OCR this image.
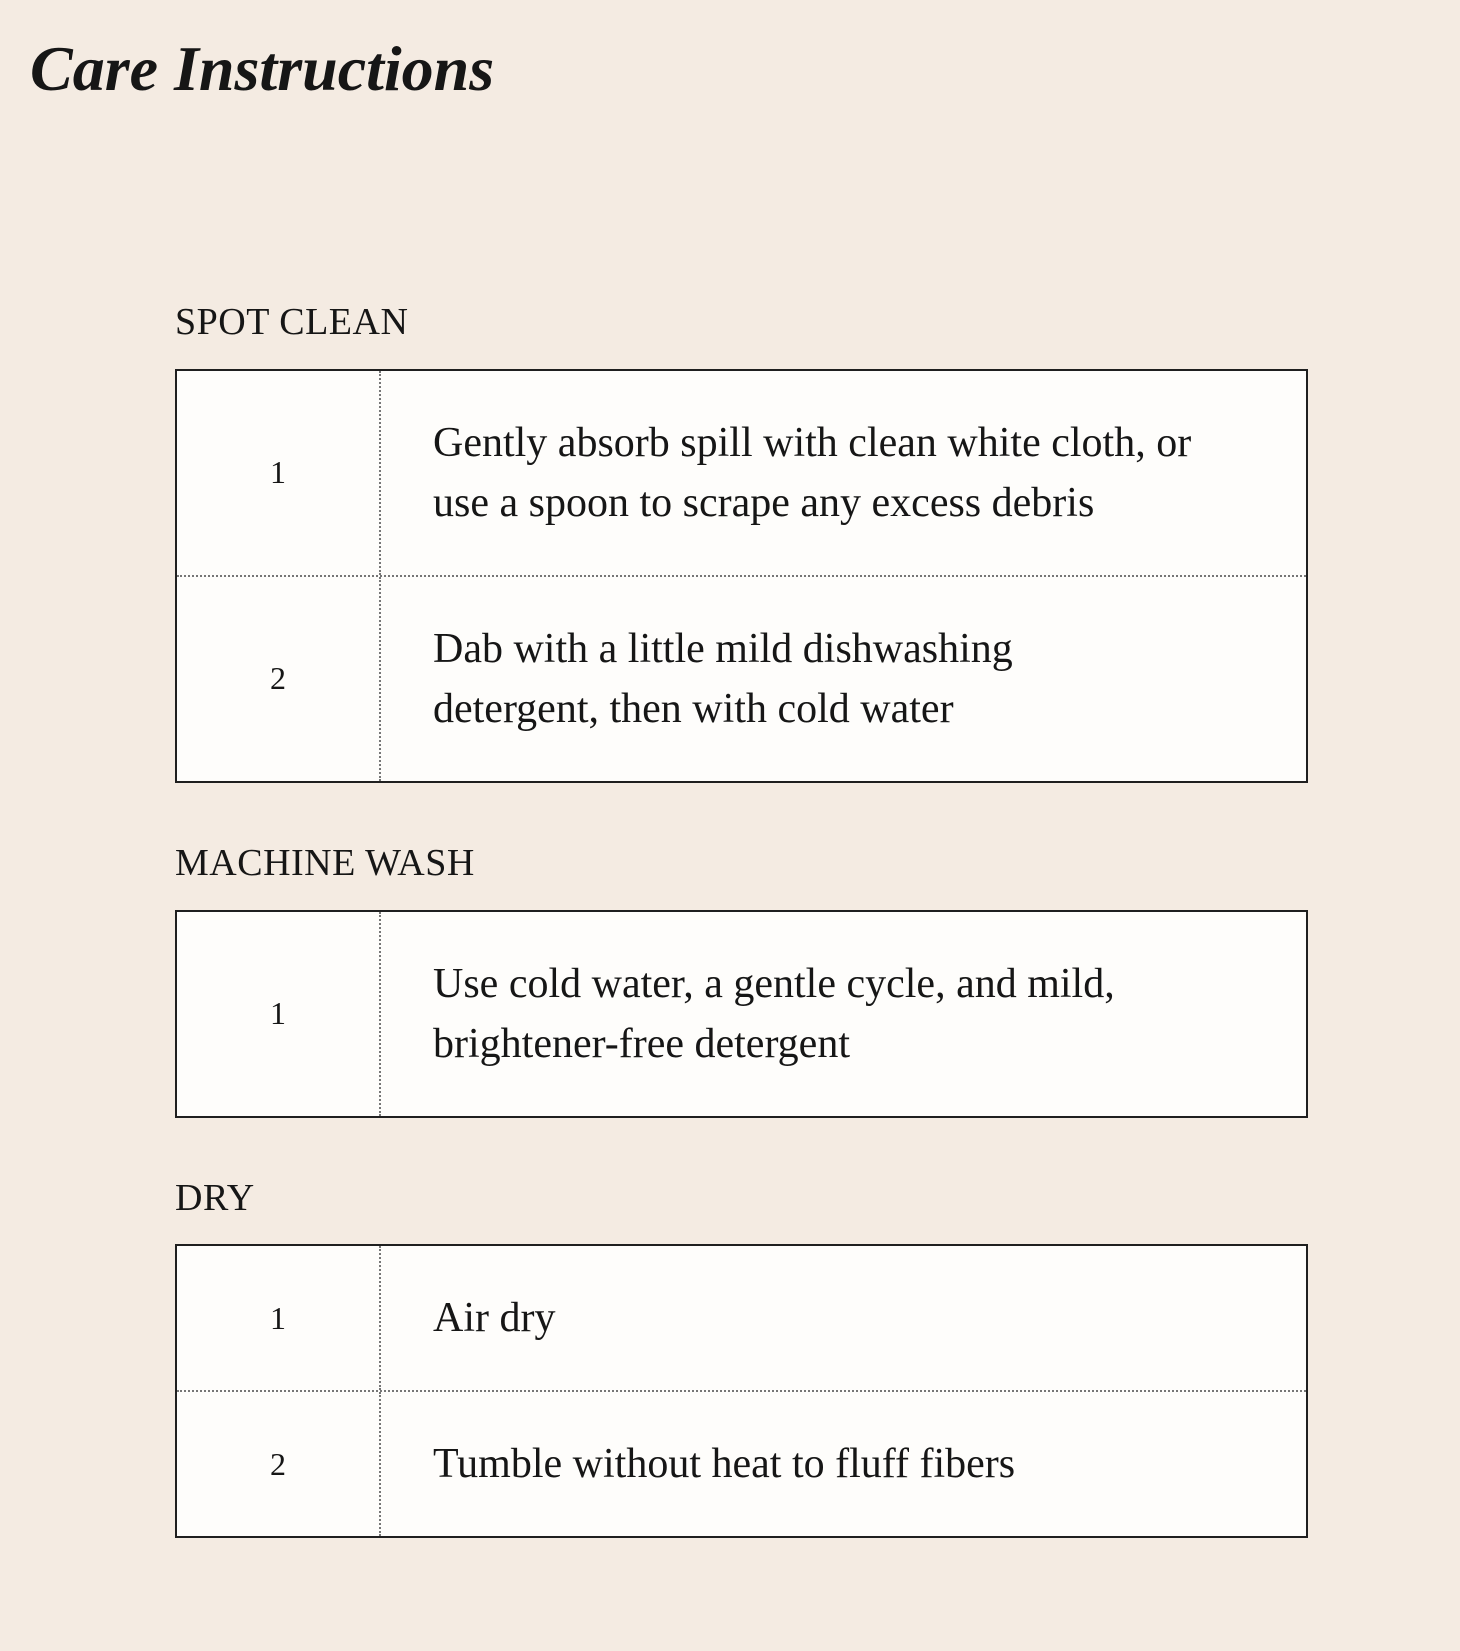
Care Instructions
SPOT CLEAN
1
Gently absorb spill with clean white cloth, or
use a spoon to scrape any excess debris
2
Dab with a little mild dishwashing
detergent, then with cold water
MACHINE WASH
1
Use cold water, a gentle cycle, and mild,
brightener-free detergent
DRY
1	Air dry
2	Tumble without heat to fluff fibers
